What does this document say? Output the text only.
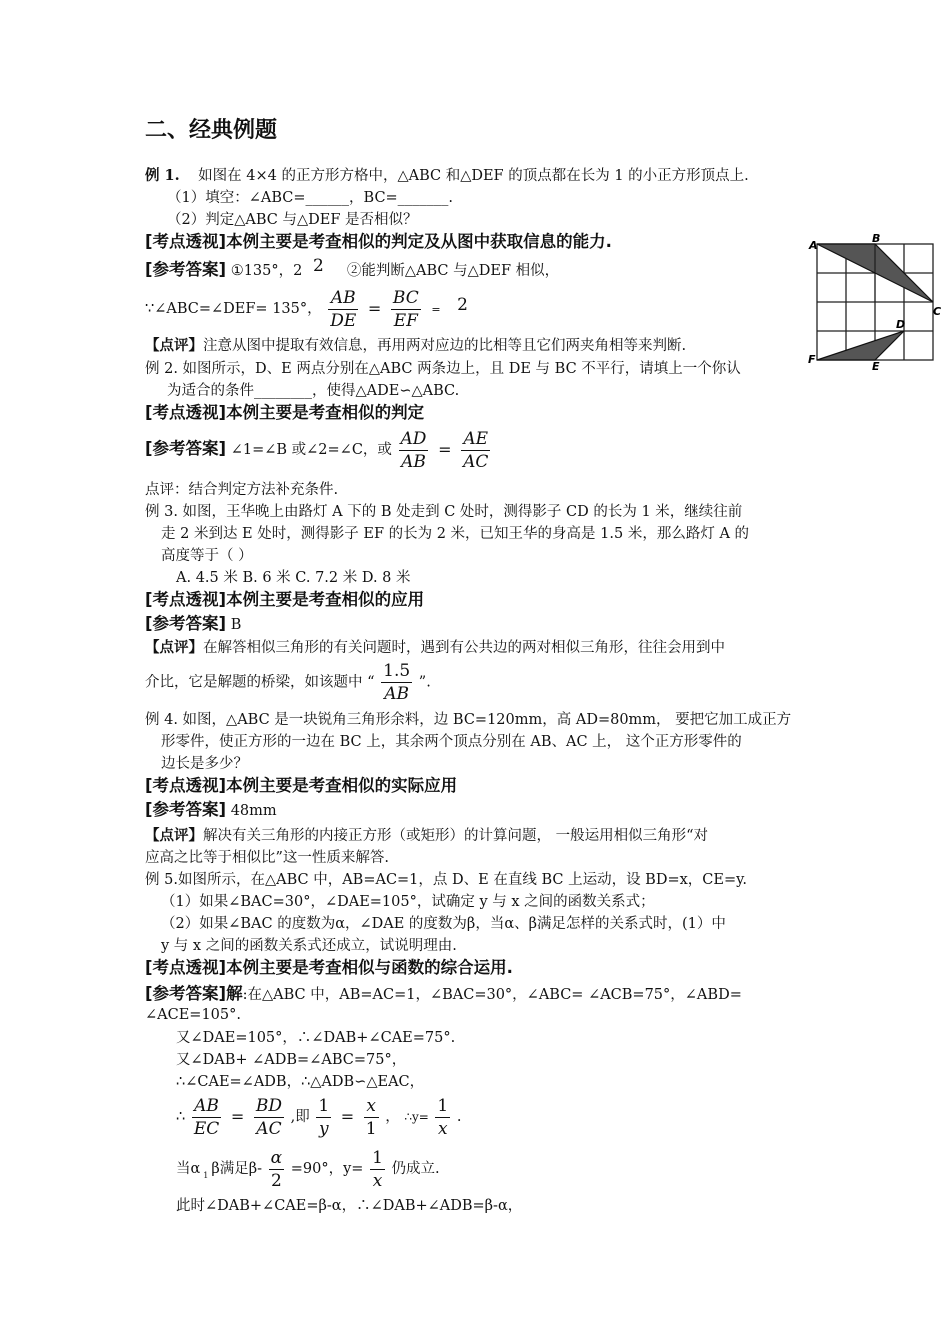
二、经典例题
例 1. 如图在 4×4 的正方形方格中，△ABC 和△DEF 的顶点都在长为 1 的小正方形顶点上.
（1）填空：∠ABC=______，BC=_______.
（2）判定△ABC 与△DEF 是否相似？
[考点透视]本例主要是考查相似的判定及从图中获取信息的能力.
[参考答案] ①135°，2 2 ②能判断△ABC 与△DEF 相似，
∵∠ABC=∠DEF= 135°， $\frac{AB}{DE} = \frac{BC}{EF} = 2$
【点评】注意从图中提取有效信息，再用两对应边的比相等且它们两夹角相等来判断.
A
B
C
D
E
F
例 2. 如图所示，D、E 两点分别在△ABC 两条边上，且 DE 与 BC 不平行，请填上一个你认
为适合的条件________，使得△ADE∽△ABC.
[考点透视]本例主要是考查相似的判定
[参考答案] ∠1=∠B 或∠2=∠C，或 $\frac{AD}{AB} = \frac{AE}{AC}$
点评：结合判定方法补充条件.
例 3. 如图，王华晚上由路灯 A 下的 B 处走到 C 处时，测得影子 CD 的长为 1 米，继续往前
走 2 米到达 E 处时，测得影子 EF 的长为 2 米，已知王华的身高是 1.5 米，那么路灯 A 的
高度等于（ ）
A. 4.5 米 B. 6 米 C. 7.2 米 D. 8 米
[考点透视]本例主要是考查相似的应用
[参考答案] B
【点评】在解答相似三角形的有关问题时，遇到有公共边的两对相似三角形，往往会用到中
介比，它是解题的桥梁，如该题中 “ $\frac{1.5}{AB}$ ”.
例 4. 如图，△ABC 是一块锐角三角形余料，边 BC=120mm，高 AD=80mm， 要把它加工成正方
形零件，使正方形的一边在 BC 上，其余两个顶点分别在 AB、AC 上， 这个正方形零件的
边长是多少？
[考点透视]本例主要是考查相似的实际应用
[参考答案] 48mm
【点评】解决有关三角形的内接正方形（或矩形）的计算问题， 一般运用相似三角形“对
应高之比等于相似比”这一性质来解答.
例 5.如图所示，在△ABC 中，AB=AC=1，点 D、E 在直线 BC 上运动，设 BD=x，CE=y.
（1）如果∠BAC=30°，∠DAE=105°，试确定 y 与 x 之间的函数关系式；
（2）如果∠BAC 的度数为α，∠DAE 的度数为β，当α、β满足怎样的关系式时，(1）中
y 与 x 之间的函数关系式还成立，试说明理由.
[考点透视]本例主要是考查相似与函数的综合运用.
[参考答案]解:在△ABC 中，AB=AC=1，∠BAC=30°，∠ABC= ∠ACB=75°，∠ABD=
∠ACE=105°.
又∠DAE=105°，∴∠DAB+∠CAE=75°.
又∠DAB+ ∠ADB=∠ABC=75°，
∴∠CAE=∠ADB，∴△ADB∽△EAC，
∴ $\frac{AB}{EC} = \frac{BD}{AC}$ ,即 $\frac{1}{y} = \frac{x}{1}$ ， ∴y= $\frac{1}{x}$ .
当α $_1$ β满足$\beta- \frac{\alpha}{2} =90^\circ$，$y= \frac{1}{x}$ 仍成立.
此时∠DAB+∠CAE=β-α，∴∠DAB+∠ADB=β-α，
